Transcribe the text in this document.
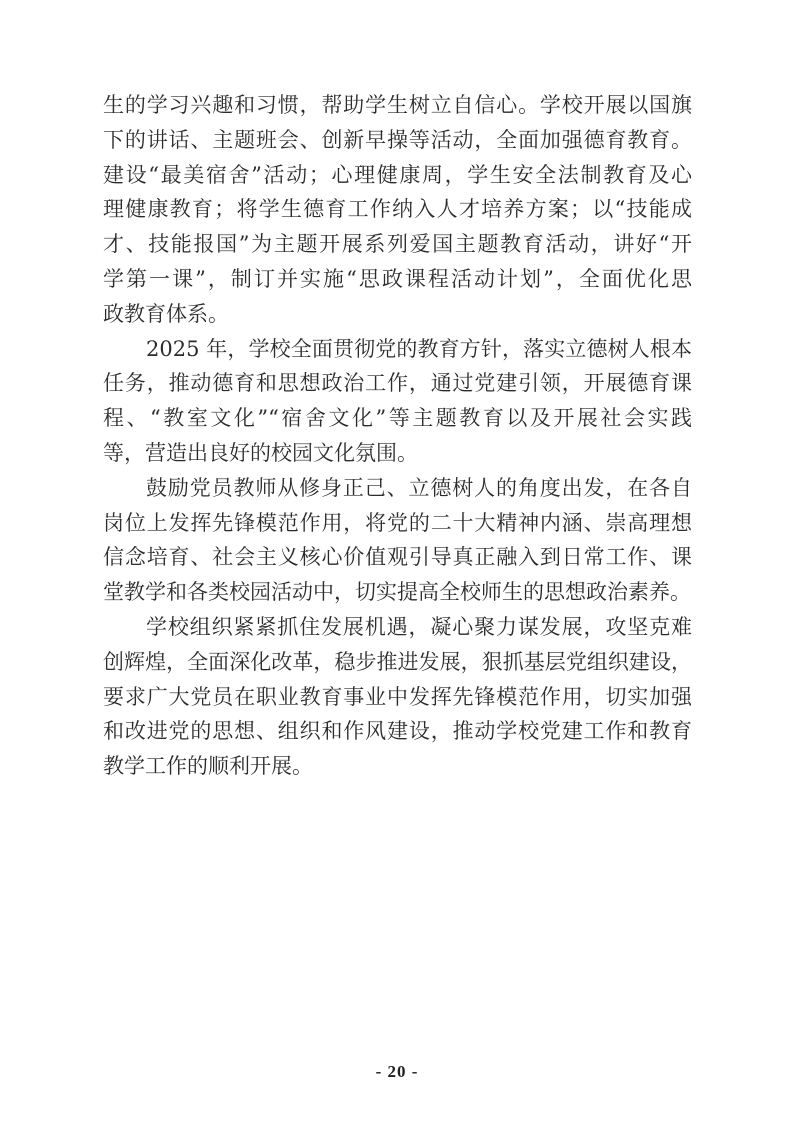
生的学习兴趣和习惯，帮助学生树立自信心。学校开展以国旗
下的讲话、主题班会、创新早操等活动，全面加强德育教育。
建设“最美宿舍”活动；心理健康周，学生安全法制教育及心
理健康教育；将学生德育工作纳入人才培养方案；以“技能成
才、技能报国”为主题开展系列爱国主题教育活动，讲好“开
学第一课”，制订并实施“思政课程活动计划”，全面优化思
政教育体系。
2025 年，学校全面贯彻党的教育方针，落实立德树人根本
任务，推动德育和思想政治工作，通过党建引领，开展德育课
程、“教室文化”“宿舍文化”等主题教育以及开展社会实践
等，营造出良好的校园文化氛围。
鼓励党员教师从修身正己、立德树人的角度出发，在各自
岗位上发挥先锋模范作用，将党的二十大精神内涵、崇高理想
信念培育、社会主义核心价值观引导真正融入到日常工作、课
堂教学和各类校园活动中，切实提高全校师生的思想政治素养。
学校组织紧紧抓住发展机遇，凝心聚力谋发展，攻坚克难
创辉煌，全面深化改革，稳步推进发展，狠抓基层党组织建设，
要求广大党员在职业教育事业中发挥先锋模范作用，切实加强
和改进党的思想、组织和作风建设，推动学校党建工作和教育
教学工作的顺利开展。
- 20 -
